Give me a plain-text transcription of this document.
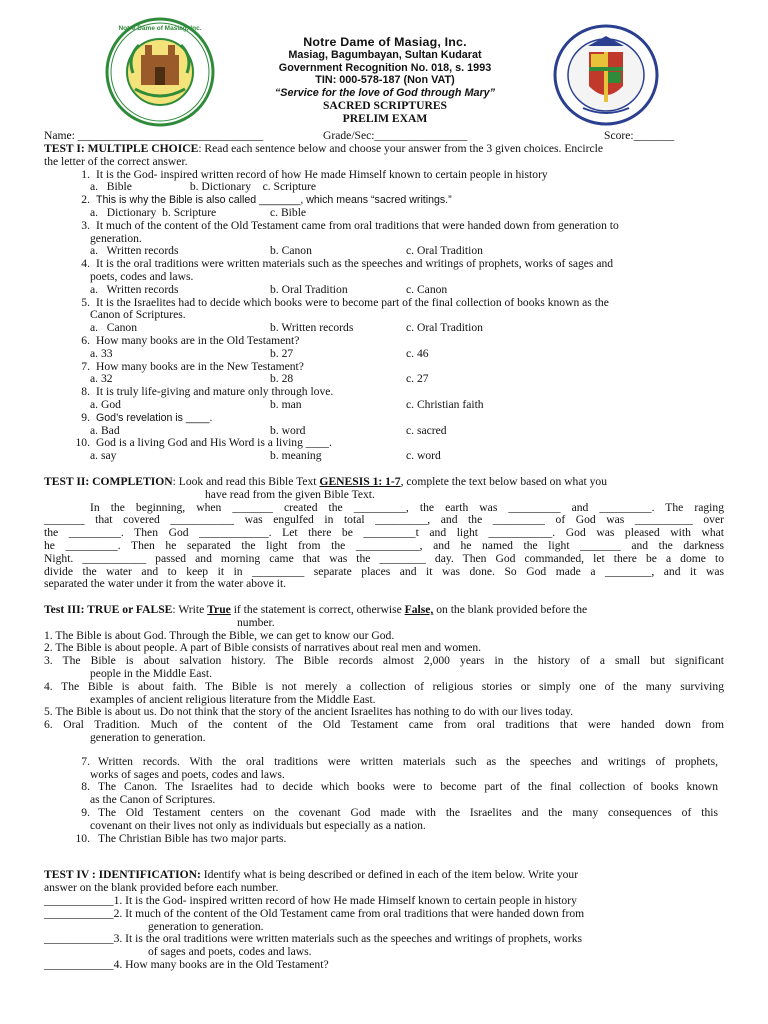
Notre Dame of Masiag, Inc.
Notre Dame of Masiag, Inc.
Masiag, Bagumbayan, Sultan Kudarat
Government Recognition No. 018, s. 1993
TIN: 000-578-187 (Non VAT)
“Service for the love of God through Mary”
SACRED SCRIPTURES
PRELIM EXAM
Name: ________________________________	Grade/Sec:________________	Score:_______
TEST I: MULTIPLE CHOICE: Read each sentence below and choose your answer from the 3 given choices. Encircle
the letter of the correct answer.
1. It is the God- inspired written record of how He made Himself known to certain people in history
a.   Bible                    b. Dictionary    c. Scripture
2. This is why the Bible is also called _______, which means “sacred writings.”
a.   Dictionary  b. Scripture	c. Bible
3. It much of the content of the Old Testament came from oral traditions that were handed down from generation to
generation.
a.   Written records	b. Canon	c. Oral Tradition
4. It is the oral traditions were written materials such as the speeches and writings of prophets, works of sages and
poets, codes and laws.
a.   Written records	b. Oral Tradition	c. Canon
5. It is the Israelites had to decide which books were to become part of the final collection of books known as the
Canon of Scriptures.
a.   Canon	b. Written records	c. Oral Tradition
6. How many books are in the Old Testament?
a. 33	b. 27	c. 46
7. How many books are in the New Testament?
a. 32	b. 28	c. 27
8. It is truly life-giving and mature only through love.
a. God	b. man	c. Christian faith
9. God’s revelation is ____.
a. Bad	b. word	c. sacred
10. God is a living God and His Word is a living ____.
a. say	b. meaning	c. word
TEST II: COMPLETION: Look and read this Bible Text GENESIS 1: 1-7, complete the text below based on what you
have read from the given Bible Text.
In the beginning, when _______ created the _________, the earth was _________ and _________. The raging
_______ that covered ___________ was engulfed in total _________, and the _________ of God was __________ over
the _________. Then God ____________. Let there be _________t and light ___________. God was pleased with what
he _________. Then he separated the light from the ___________, and he named the light _______ and the darkness
Night. ___________ passed and morning came that was the ________ day. Then God commanded, let there be a dome to
divide the water and to keep it in _________ separate places and it was done. So God made a ________, and it was
separated the water under it from the water above it.
Test III: TRUE or FALSE: Write True if the statement is correct, otherwise False, on the blank provided before the
number.
1. The Bible is about God. Through the Bible, we can get to know our God.
2. The Bible is about people. A part of Bible consists of narratives about real men and women.
3. The Bible is about salvation history. The Bible records almost 2,000 years in the history of a small but significant
people in the Middle East.
4. The Bible is about faith. The Bible is not merely a collection of religious stories or simply one of the many surviving
examples of ancient religious literature from the Middle East.
5. The Bible is about us. Do not think that the story of the ancient Israelites has nothing to do with our lives today.
6. Oral Tradition. Much of the content of the Old Testament came from oral traditions that were handed down from
generation to generation.
7. Written records. With the oral traditions were written materials such as the speeches and writings of prophets,
works of sages and poets, codes and laws.
8. The Canon. The Israelites had to decide which books were to become part of the final collection of books known
as the Canon of Scriptures.
9. The Old Testament centers on the covenant God made with the Israelites and the many consequences of this
covenant on their lives not only as individuals but especially as a nation.
10. The Christian Bible has two major parts.
TEST IV : IDENTIFICATION: Identify what is being described or defined in each of the item below. Write your
answer on the blank provided before each number.
____________1. It is the God- inspired written record of how He made Himself known to certain people in history
____________2. It much of the content of the Old Testament came from oral traditions that were handed down from
generation to generation.
____________3. It is the oral traditions were written materials such as the speeches and writings of prophets, works
of sages and poets, codes and laws.
____________4. How many books are in the Old Testament?
